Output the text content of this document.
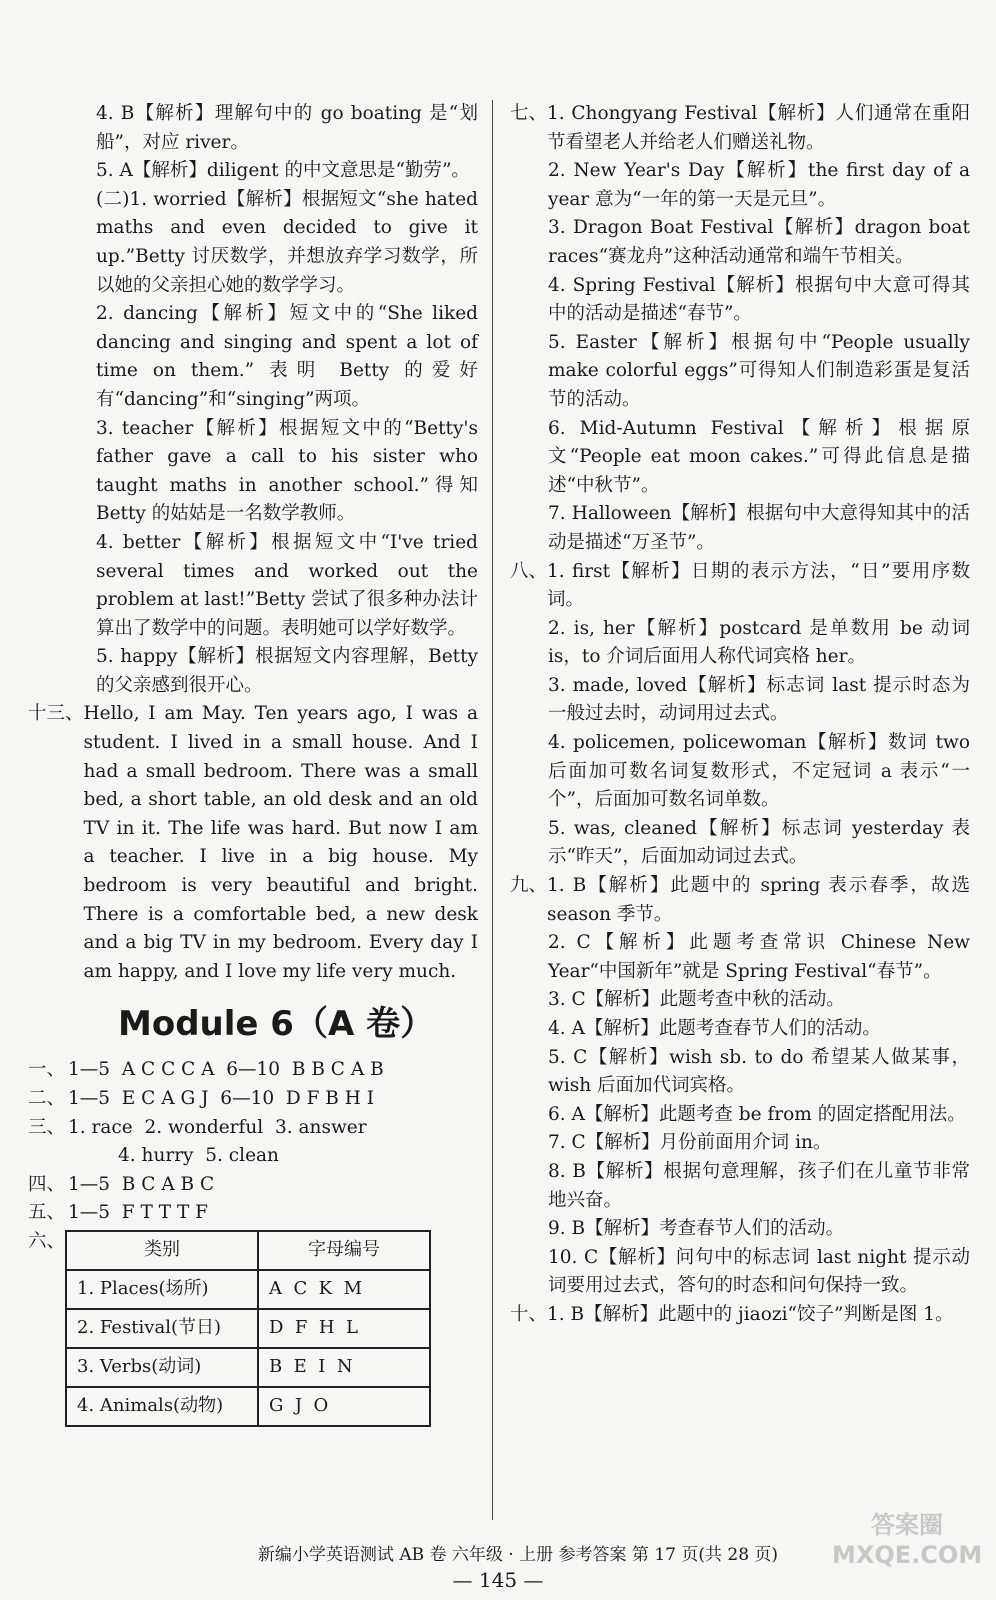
4. B【解析】理解句中的 go boating 是“划船”，对应 river。
5. A【解析】diligent 的中文意思是“勤劳”。
(二)1. worried【解析】根据短文“she hated maths and even decided to give it up.”Betty 讨厌数学，并想放弃学习数学，所以她的父亲担心她的数学学习。
2. dancing【解析】短文中的“She liked dancing and singing and spent a lot of time on them.” 表明 Betty 的爱好有“dancing”和“singing”两项。
3. teacher【解析】根据短文中的“Betty's father gave a call to his sister who taught maths in another school.”得知 Betty 的姑姑是一名数学教师。
4. better【解析】根据短文中“I've tried several times and worked out the problem at last!”Betty 尝试了很多种办法计算出了数学中的问题。表明她可以学好数学。
5. happy【解析】根据短文内容理解，Betty 的父亲感到很开心。
十三、 Hello, I am May. Ten years ago, I was a student. I lived in a small house. And I had a small bedroom. There was a small bed, a short table, an old desk and an old TV in it. The life was hard. But now I am a teacher. I live in a big house. My bedroom is very beautiful and bright. There is a comfortable bed, a new desk and a big TV in my bedroom. Every day I am happy, and I love my life very much.
Module 6（A 卷）
一、 1—5  A C C C A  6—10  B B C A B
二、 1—5  E C A G J  6—10  D F B H I
三、 1. race  2. wonderful  3. answer
4. hurry  5. clean
四、 1—5  B C A B C
五、 1—5  F T T T F
六、	类别	字母编号
1. Places(场所)	A  C  K  M
2. Festival(节日)	D  F  H  L
3. Verbs(动词)	B  E  I  N
4. Animals(动物)	G  J  O
七、 1. Chongyang Festival【解析】人们通常在重阳节看望老人并给老人们赠送礼物。
2. New Year's Day【解析】the first day of a year 意为“一年的第一天是元旦”。
3. Dragon Boat Festival【解析】dragon boat races“赛龙舟”这种活动通常和端午节相关。
4. Spring Festival【解析】根据句中大意可得其中的活动是描述“春节”。
5. Easter【解析】根据句中“People usually make colorful eggs”可得知人们制造彩蛋是复活节的活动。
6. Mid-Autumn Festival【解析】根据原文“People eat moon cakes.”可得此信息是描述“中秋节”。
7. Halloween【解析】根据句中大意得知其中的活动是描述“万圣节”。
八、 1. first【解析】日期的表示方法，“日”要用序数词。
2. is, her【解析】postcard 是单数用 be 动词 is，to 介词后面用人称代词宾格 her。
3. made, loved【解析】标志词 last 提示时态为一般过去时，动词用过去式。
4. policemen, policewoman【解析】数词 two 后面加可数名词复数形式，不定冠词 a 表示“一个”，后面加可数名词单数。
5. was, cleaned【解析】标志词 yesterday 表示“昨天”，后面加动词过去式。
九、 1. B【解析】此题中的 spring 表示春季，故选 season 季节。
2. C【解析】此题考查常识 Chinese New Year“中国新年”就是 Spring Festival“春节”。
3. C【解析】此题考查中秋的活动。
4. A【解析】此题考查春节人们的活动。
5. C【解析】wish sb. to do 希望某人做某事，wish 后面加代词宾格。
6. A【解析】此题考查 be from 的固定搭配用法。
7. C【解析】月份前面用介词 in。
8. B【解析】根据句意理解，孩子们在儿童节非常地兴奋。
9. B【解析】考查春节人们的活动。
10. C【解析】问句中的标志词 last night 提示动词要用过去式，答句的时态和问句保持一致。
十、 1. B【解析】此题中的 jiaozi“饺子”判断是图 1。
新编小学英语测试 AB 卷 六年级 · 上册 参考答案 第 17 页(共 28 页)
— 145 —
答案圈
MXQE.COM
